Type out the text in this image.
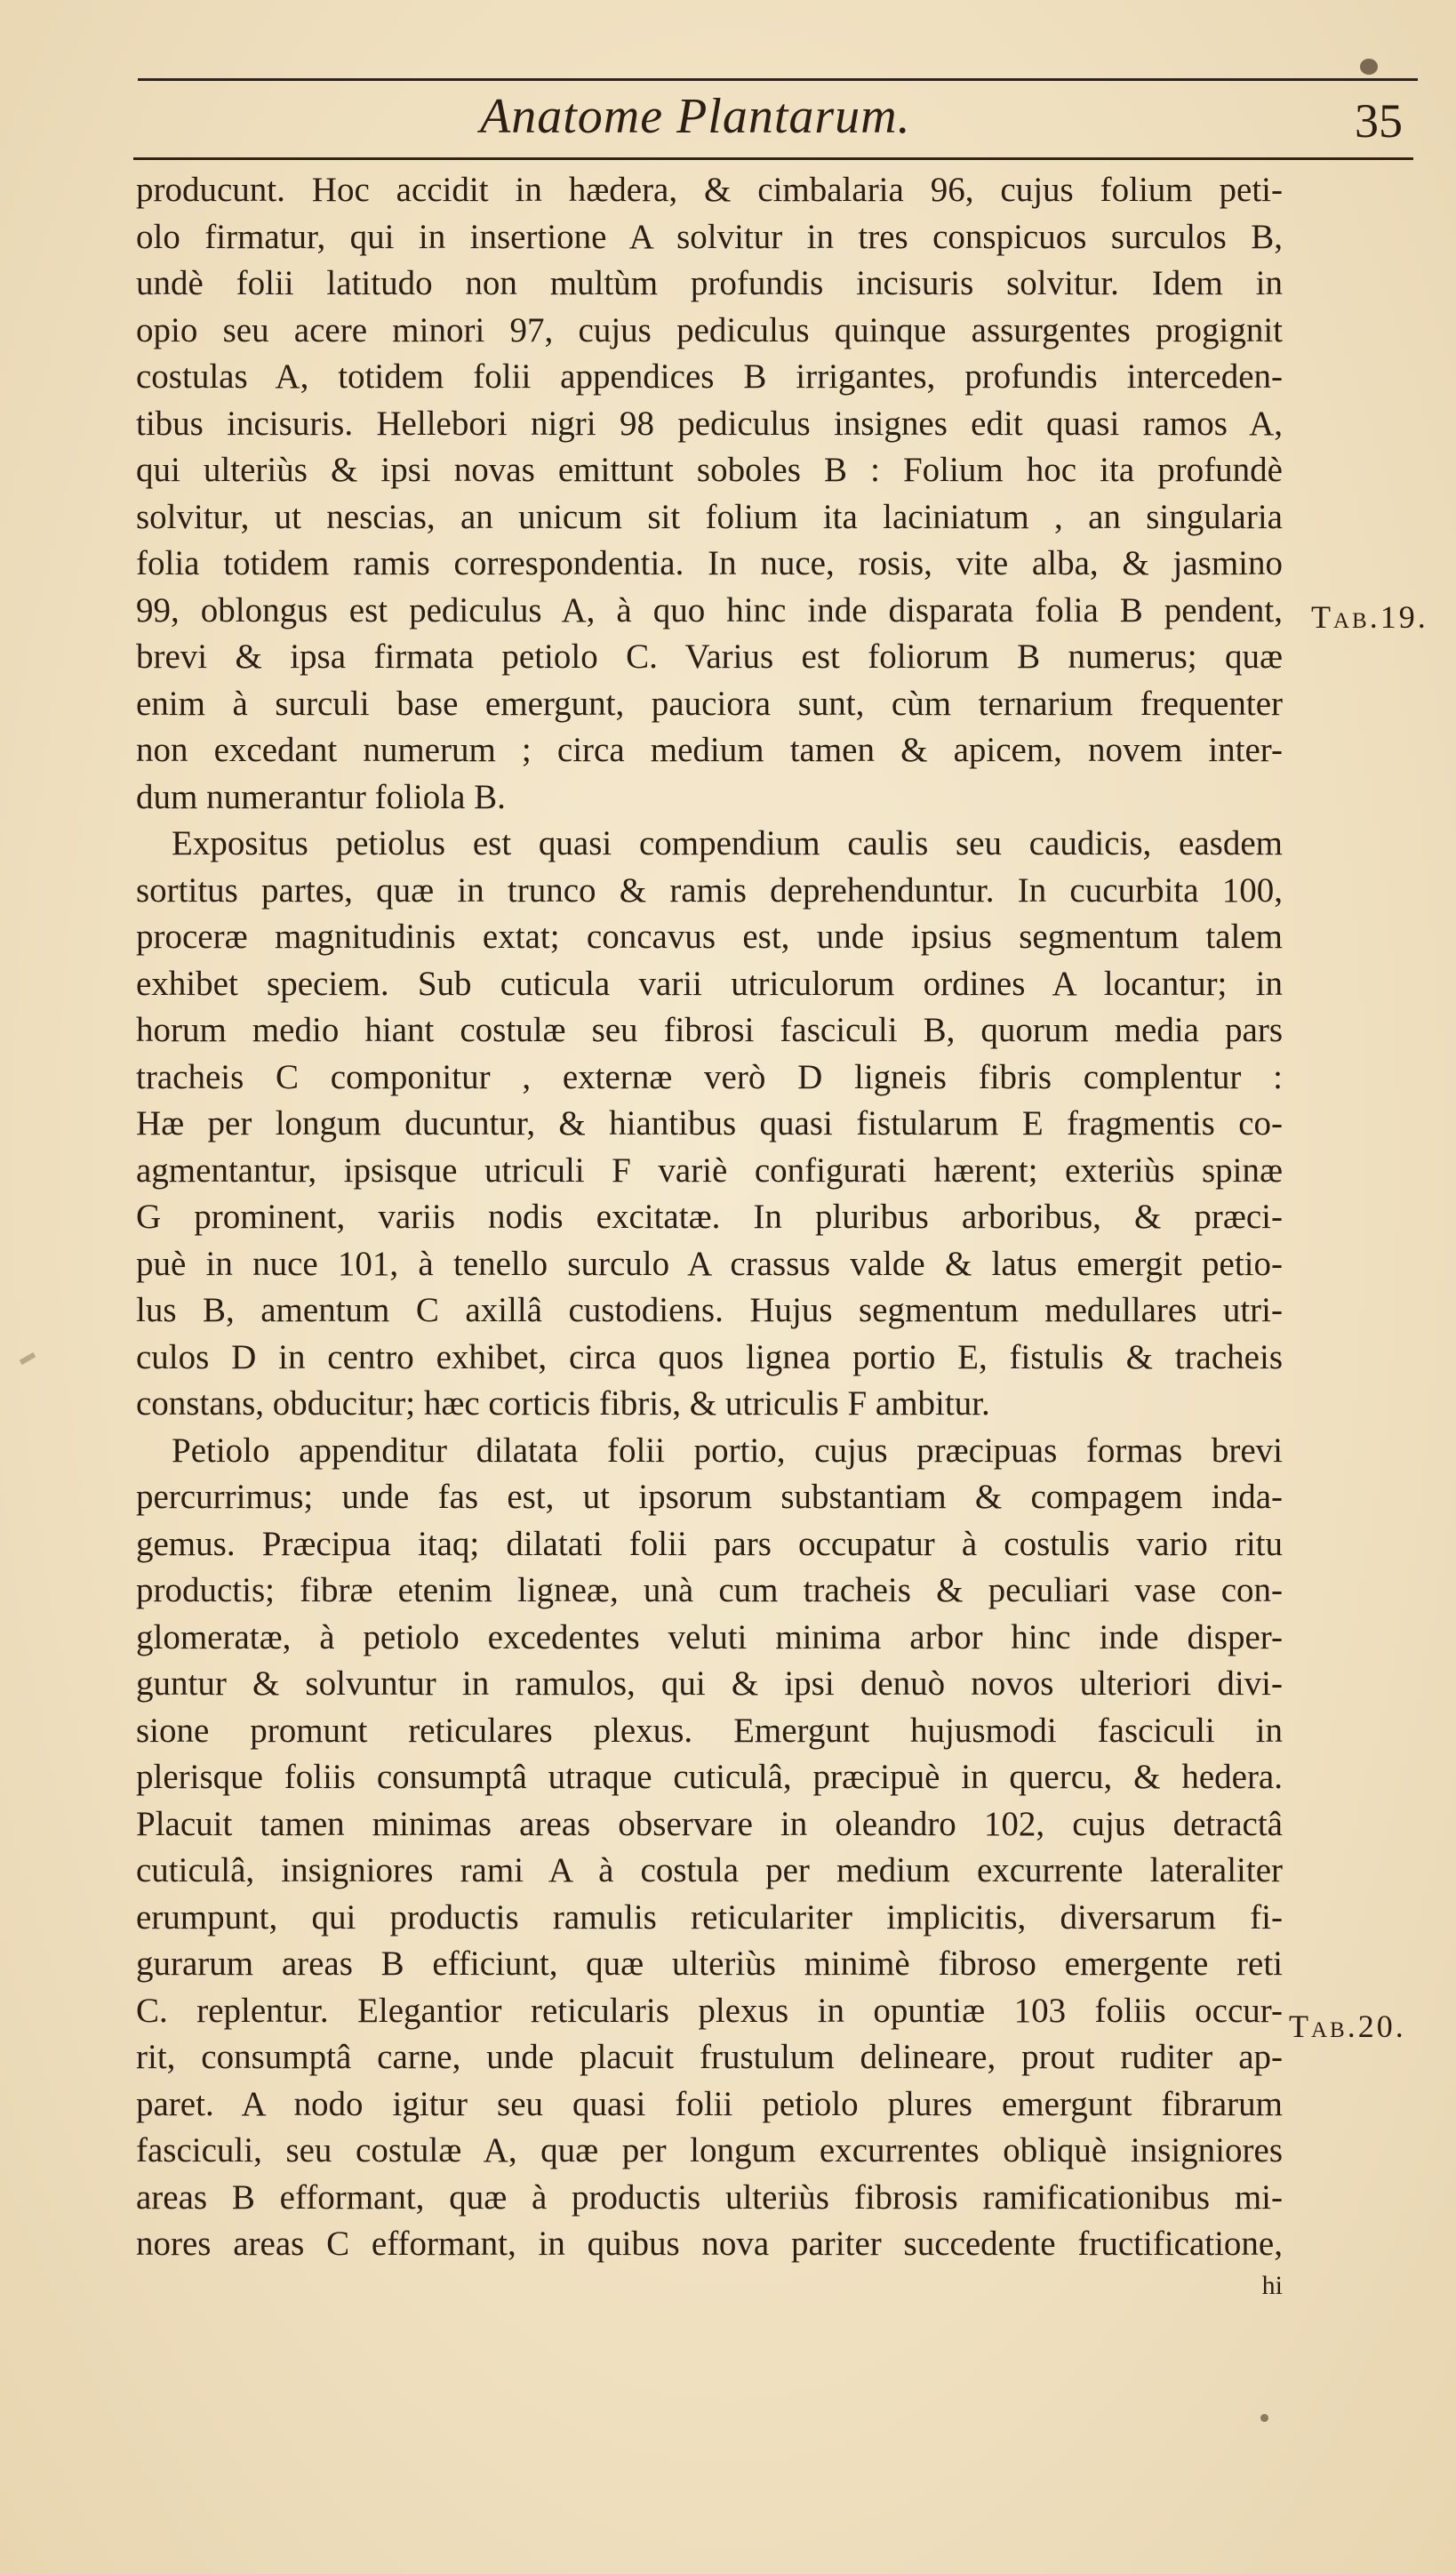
Anatome Plantarum.	35
producunt. Hoc accidit in hædera, & cimbalaria 96, cujus folium peti-
olo firmatur, qui in insertione A solvitur in tres conspicuos surculos B,
undè folii latitudo non multùm profundis incisuris solvitur. Idem in
opio seu acere minori 97, cujus pediculus quinque assurgentes progignit
costulas A, totidem folii appendices B irrigantes, profundis interceden-
tibus incisuris. Hellebori nigri 98 pediculus insignes edit quasi ramos A,
qui ulteriùs & ipsi novas emittunt soboles B : Folium hoc ita profundè
solvitur, ut nescias, an unicum sit folium ita laciniatum , an singularia
folia totidem ramis correspondentia. In nuce, rosis, vite alba, & jasmino
99, oblongus est pediculus A, à quo hinc inde disparata folia B pendent,
brevi & ipsa firmata petiolo C. Varius est foliorum B numerus; quæ
enim à surculi base emergunt, pauciora sunt, cùm ternarium frequenter
non excedant numerum ; circa medium tamen & apicem, novem inter-
dum numerantur foliola B.
Expositus petiolus est quasi compendium caulis seu caudicis, easdem
sortitus partes, quæ in trunco & ramis deprehenduntur. In cucurbita 100,
proceræ magnitudinis extat; concavus est, unde ipsius segmentum talem
exhibet speciem. Sub cuticula varii utriculorum ordines A locantur; in
horum medio hiant costulæ seu fibrosi fasciculi B, quorum media pars
tracheis C componitur , externæ verò D ligneis fibris complentur :
Hæ per longum ducuntur, & hiantibus quasi fistularum E fragmentis co-
agmentantur, ipsisque utriculi F variè configurati hærent; exteriùs spinæ
G prominent, variis nodis excitatæ. In pluribus arboribus, & præci-
puè in nuce 101, à tenello surculo A crassus valde & latus emergit petio-
lus B, amentum C axillâ custodiens. Hujus segmentum medullares utri-
culos D in centro exhibet, circa quos lignea portio E, fistulis & tracheis
constans, obducitur; hæc corticis fibris, & utriculis F ambitur.
Petiolo appenditur dilatata folii portio, cujus præcipuas formas brevi
percurrimus; unde fas est, ut ipsorum substantiam & compagem inda-
gemus. Præcipua itaq; dilatati folii pars occupatur à costulis vario ritu
productis; fibræ etenim ligneæ, unà cum tracheis & peculiari vase con-
glomeratæ, à petiolo excedentes veluti minima arbor hinc inde disper-
guntur & solvuntur in ramulos, qui & ipsi denuò novos ulteriori divi-
sione promunt reticulares plexus. Emergunt hujusmodi fasciculi in
plerisque foliis consumptâ utraque cuticulâ, præcipuè in quercu, & hedera.
Placuit tamen minimas areas observare in oleandro 102, cujus detractâ
cuticulâ, insigniores rami A à costula per medium excurrente lateraliter
erumpunt, qui productis ramulis reticulariter implicitis, diversarum fi-
gurarum areas B efficiunt, quæ ulteriùs minimè fibroso emergente reti
C. replentur. Elegantior reticularis plexus in opuntiæ 103 foliis occur-
rit, consumptâ carne, unde placuit frustulum delineare, prout ruditer ap-
paret. A nodo igitur seu quasi folii petiolo plures emergunt fibrarum
fasciculi, seu costulæ A, quæ per longum excurrentes obliquè insigniores
areas B efformant, quæ à productis ulteriùs fibrosis ramificationibus mi-
nores areas C efformant, in quibus nova pariter succedente fructificatione,
hi
Tab.19.
Tab.20.
